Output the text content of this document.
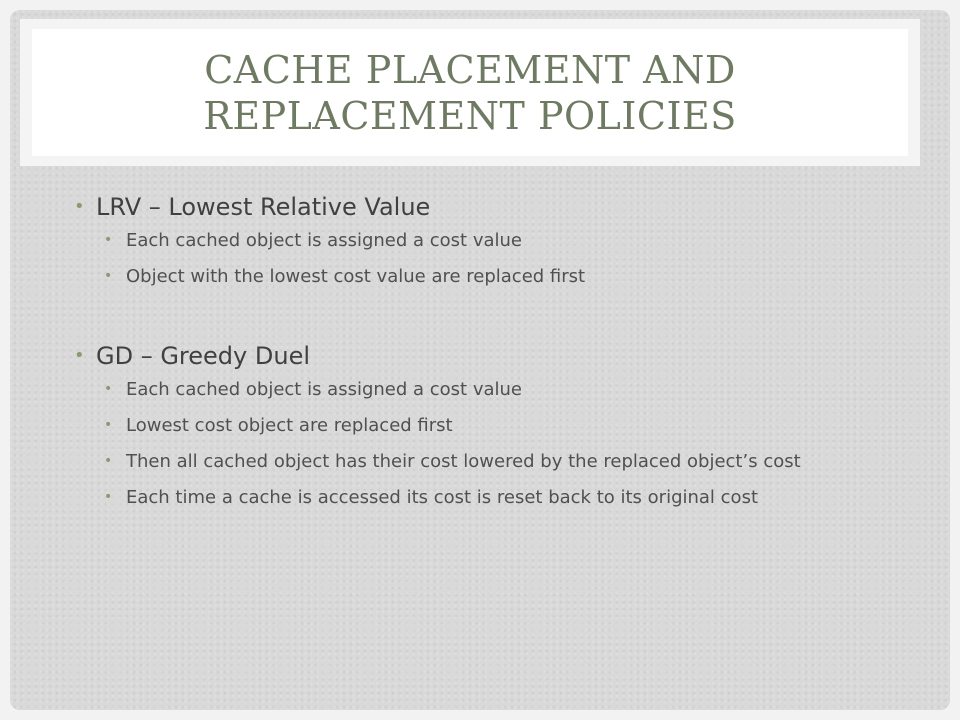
CACHE PLACEMENT AND
REPLACEMENT POLICIES
• LRV – Lowest Relative Value
• Each cached object is assigned a cost value
• Object with the lowest cost value are replaced first
• GD – Greedy Duel
• Each cached object is assigned a cost value
• Lowest cost object are replaced first
• Then all cached object has their cost lowered by the replaced object’s cost
• Each time a cache is accessed its cost is reset back to its original cost
